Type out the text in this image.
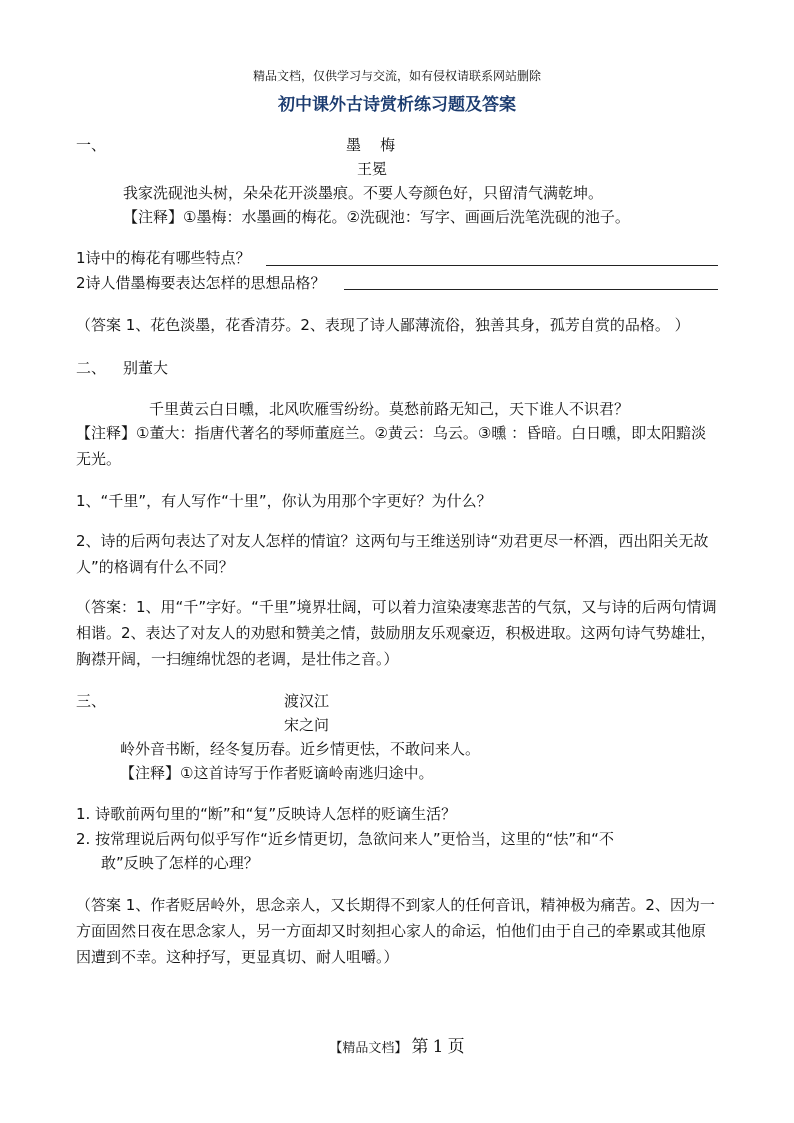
精品文档，仅供学习与交流，如有侵权请联系网站删除
初中课外古诗赏析练习题及答案
一、	墨    梅
王冕
我家洗砚池头树，朵朵花开淡墨痕。不要人夸颜色好，只留清气满乾坤。
【注释】①墨梅：水墨画的梅花。②洗砚池：写字、画画后洗笔洗砚的池子。
1诗中的梅花有哪些特点？
2诗人借墨梅要表达怎样的思想品格？
（答案 1、花色淡墨，花香清芬。2、表现了诗人鄙薄流俗，独善其身，孤芳自赏的品格。 ）
二、 别董大
千里黄云白日曛，北风吹雁雪纷纷。莫愁前路无知己，天下谁人不识君？
【注释】①董大：指唐代著名的琴师董庭兰。②黄云：乌云。③曛 ：昏暗。白日曛，即太阳黯淡无光。
1、“千里”，有人写作“十里”，你认为用那个字更好？为什么？
2、诗的后两句表达了对友人怎样的情谊？这两句与王维送别诗“劝君更尽一杯酒，西出阳关无故人”的格调有什么不同？
（答案：1、用“千”字好。“千里”境界壮阔，可以着力渲染凄寒悲苦的气氛，又与诗的后两句情调相谐。2、表达了对友人的劝慰和赞美之情，鼓励朋友乐观豪迈，积极进取。这两句诗气势雄壮，胸襟开阔，一扫缠绵忧怨的老调，是壮伟之音。）
三、	渡汉江
宋之问
岭外音书断，经冬复历春。近乡情更怯，不敢问来人。
【注释】①这首诗写于作者贬谪岭南逃归途中。
1. 诗歌前两句里的“断”和“复”反映诗人怎样的贬谪生活？
2. 按常理说后两句似乎写作“近乡情更切，急欲问来人”更恰当，这里的“怯”和“不
敢”反映了怎样的心理？
（答案 1、作者贬居岭外，思念亲人，又长期得不到家人的任何音讯，精神极为痛苦。2、因为一方面固然日夜在思念家人，另一方面却又时刻担心家人的命运，怕他们由于自己的牵累或其他原因遭到不幸。这种抒写，更显真切、耐人咀嚼。）
【精品文档】 第 1 页
